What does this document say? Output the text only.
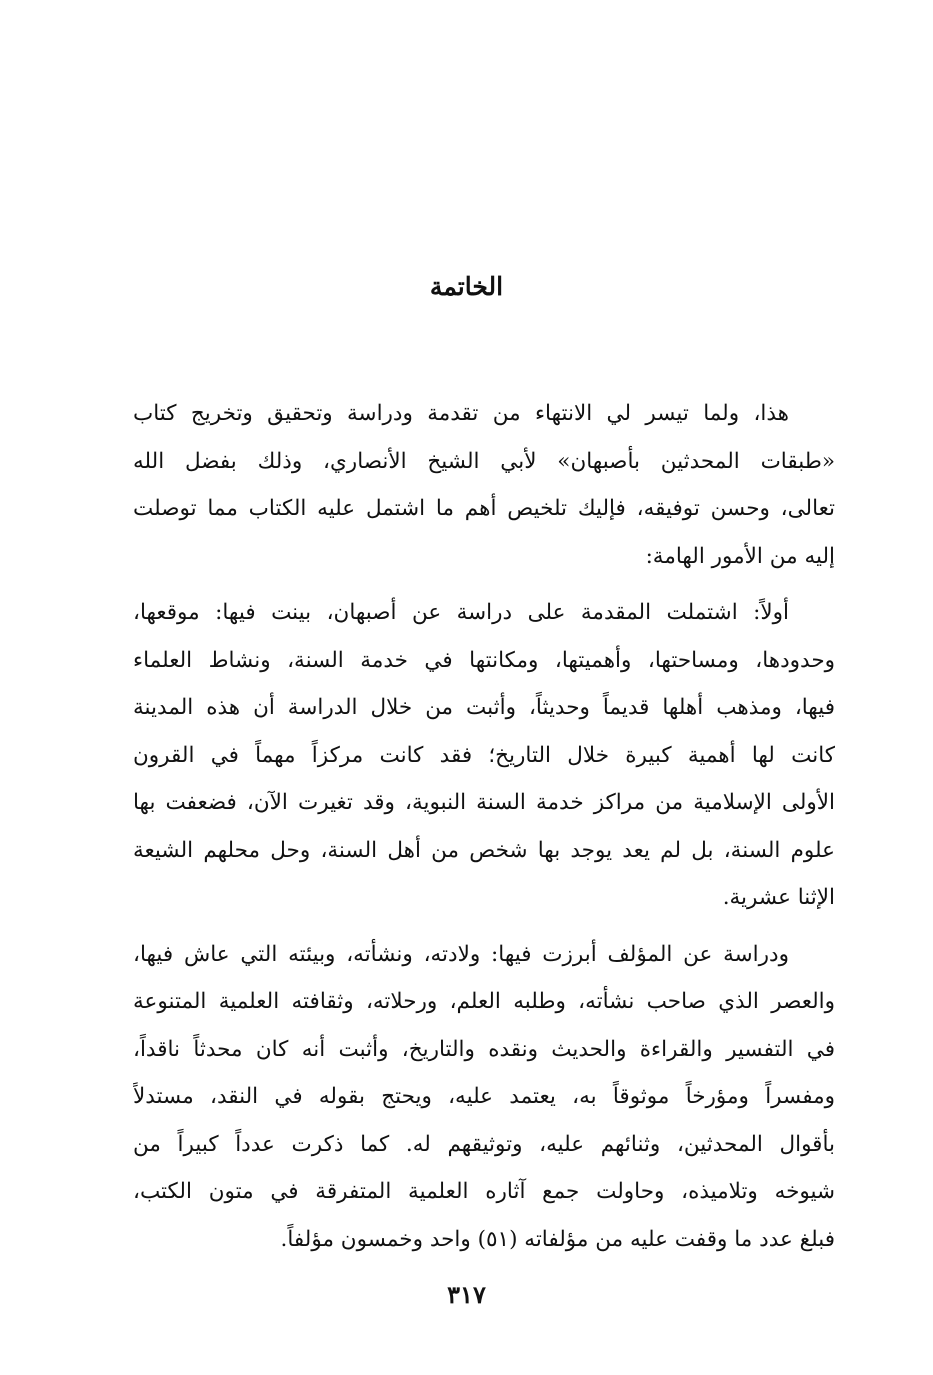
الخاتمة
هذا، ولما تيسر لي الانتهاء من تقدمة ودراسة وتحقيق وتخريج كتاب
«طبقات المحدثين بأصبهان» لأبي الشيخ الأنصاري، وذلك بفضل الله
تعالى، وحسن توفيقه، فإليك تلخيص أهم ما اشتمل عليه الكتاب مما توصلت
إليه من الأمور الهامة:
أولاً: اشتملت المقدمة على دراسة عن أصبهان، بينت فيها: موقعها،
وحدودها، ومساحتها، وأهميتها، ومكانتها في خدمة السنة، ونشاط العلماء
فيها، ومذهب أهلها قديماً وحديثاً، وأثبت من خلال الدراسة أن هذه المدينة
كانت لها أهمية كبيرة خلال التاريخ؛ فقد كانت مركزاً مهماً في القرون
الأولى الإسلامية من مراكز خدمة السنة النبوية، وقد تغيرت الآن، فضعفت بها
علوم السنة، بل لم يعد يوجد بها شخص من أهل السنة، وحل محلهم الشيعة
الإثنا عشرية.
ودراسة عن المؤلف أبرزت فيها: ولادته، ونشأته، وبيئته التي عاش فيها،
والعصر الذي صاحب نشأته، وطلبه العلم، ورحلاته، وثقافته العلمية المتنوعة
في التفسير والقراءة والحديث ونقده والتاريخ، وأثبت أنه كان محدثاً ناقداً،
ومفسراً ومؤرخاً موثوقاً به، يعتمد عليه، ويحتج بقوله في النقد، مستدلاً
بأقوال المحدثين، وثنائهم عليه، وتوثيقهم له. كما ذكرت عدداً كبيراً من
شيوخه وتلاميذه، وحاولت جمع آثاره العلمية المتفرقة في متون الكتب،
فبلغ عدد ما وقفت عليه من مؤلفاته (٥١) واحد وخمسون مؤلفاً.
٣١٧
